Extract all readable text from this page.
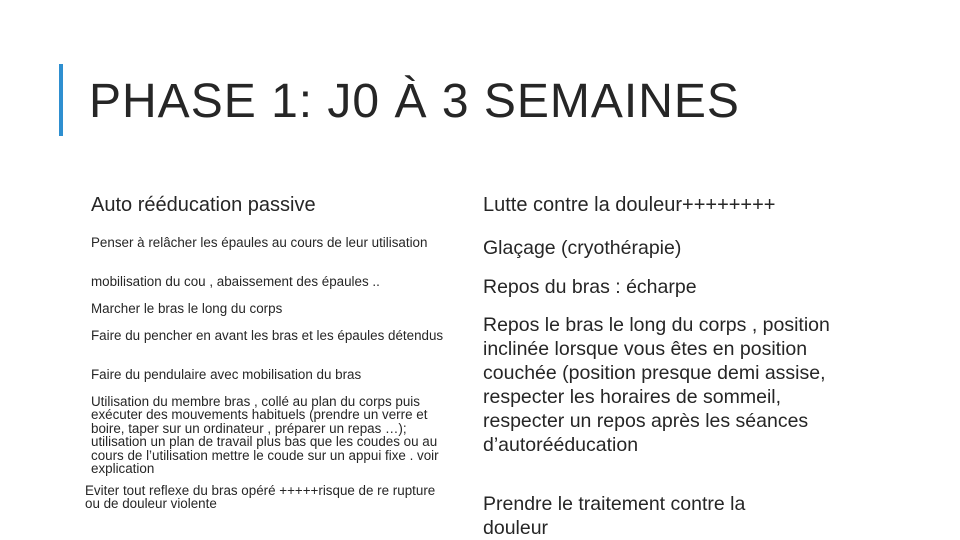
PHASE 1: J0 À 3 SEMAINES

Auto rééducation passive

Penser à relâcher les épaules au cours de leur utilisation

mobilisation du cou , abaissement des épaules ..

Marcher le bras le long du corps

Faire du pencher en avant les bras et les épaules détendus

Faire du pendulaire avec mobilisation du bras

Utilisation du membre bras , collé au plan du corps puis exécuter des mouvements habituels (prendre un verre et boire, taper sur un ordinateur , préparer un repas …); utilisation un plan de travail plus bas que les coudes ou au cours de l’utilisation mettre le coude sur un appui fixe . voir explication

Eviter tout reflexe du bras opéré +++++risque de re rupture ou de douleur violente

Lutte contre la douleur++++++++

Glaçage (cryothérapie)

Repos du bras : écharpe

Repos le bras le long du corps , position inclinée lorsque vous êtes en position couchée (position presque demi assise, respecter les horaires de sommeil, respecter un repos après les séances d’autorééducation

Prendre le traitement contre la douleur
